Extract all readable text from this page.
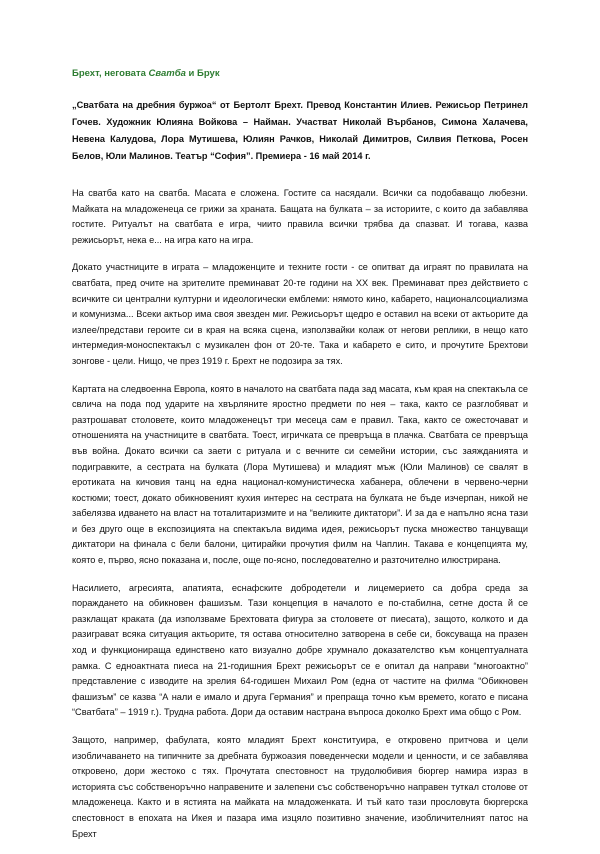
Брехт, неговата Сватба и Брук

„Сватбата на дребния буржоа“ от Бертолт Брехт. Превод Константин Илиев. Режисьор Петринел Гочев. Художник Юлияна Войкова – Найман. Участват Николай Върбанов, Симона Халачева, Невена Калудова, Лора Мутишева, Юлиян Рачков, Николай Димитров, Силвия Петкова, Росен Белов, Юли Малинов. Театър “София”. Премиера - 16 май 2014 г.

На сватба като на сватба. Масата е сложена. Гостите са насядали. Всички са подобаващо любезни. Майката на младоженеца се грижи за храната. Бащата на булката – за историите, с които да забавлява гостите. Ритуалът на сватбата е игра, чиито правила всички трябва да спазват. И тогава, казва режисьорът, нека е... на игра като на игра.

Докато участниците в играта – младоженците и техните гости - се опитват да играят по правилата на сватбата, пред очите на зрителите преминават 20-те години на ХХ век. Преминават през действието с всичките си централни културни и идеологически емблеми: нямото кино, кабарето, националсоциализма и комунизма... Всеки актьор има своя звезден миг. Режисьорът щедро е оставил на всеки от актьорите да излее/представи героите си в края на всяка сцена, използвайки колаж от негови реплики, в нещо като интермедия-моноспектакъл с музикален фон от 20-те. Така и кабарето е сито, и прочутите Брехтови зонгове - цели. Нищо, че през 1919 г. Брехт не подозира за тях.

Картата на следвоенна Европа, която в началото на сватбата пада зад масата, към края на спектакъла се свлича на пода под ударите на хвърляните яростно предмети по нея – така, както се разглобяват и разтрошават столовете, които младоженецът три месеца сам е правил. Така, както се ожесточават и отношенията на участниците в сватбата. Тоест, игричката се превръща в плачка. Сватбата се превръща във война. Докато всички са заети с ритуала и с вечните си семейни истории, със заяжданията и подигравките, а сестрата на булката (Лора Мутишева) и младият мъж (Юли Малинов) се свалят в еротиката на кичовия танц на една национал-комунистическа хабанера, облечени в червено-черни костюми; тоест, докато обикновеният кухия интерес на сестрата на булката не бъде изчерпан, никой не забелязва идването на власт на тоталитаризмите и на “великите диктатори”. И за да е напълно ясна тази и без друго още в експозицията на спектакъла видима идея, режисьорът пуска множество танцуващи диктатори на финала с бели балони, цитирайки прочутия филм на Чаплин. Такава е концепцията му, която е, първо, ясно показана и, после, още по-ясно, последователно и разточително илюстрирана.

Насилието, агресията, апатията, еснафските добродетели и лицемерието са добра среда за пораждането на обикновен фашизъм. Тази концепция в началото е по-стабилна, сетне доста й се разклащат краката (да използваме Брехтовата фигура за столовете от пиесата), защото, колкото и да разиграват всяка ситуация актьорите, тя остава относително затворена в себе си, боксуваща на празен ход и функционираща единствено като визуално добре хрумнало доказателство към концептуалната рамка. С едноактната пиеса на 21-годишния Брехт режисьорът се е опитал да направи “многоактно” представление с изводите на зрелия 64-годишен Михаил Ром (една от частите на филма “Обикновен фашизъм” се казва “А нали е имало и друга Германия” и препраща точно към времето, когато е писана “Сватбата” – 1919 г.). Трудна работа. Дори да оставим настрана въпроса доколко Брехт има общо с Ром.

Защото, например, фабулата, която младият Брехт конституира, е откровено притчова и цели изобличаването на типичните за дребната буржоазия поведенчески модели и ценности, и се забавлява откровено, дори жестоко с тях. Прочутата спестовност на трудолюбивия бюргер намира израз в историята със собственоръчно направените и залепени със собственоръчно направен туткал столове от младоженеца. Както и в ястията на майката на младоженката. И тъй като тази прословута бюргерска спестовност в епохата на Икея и пазара има изцяло позитивно значение, изобличителният патос на Брехт
